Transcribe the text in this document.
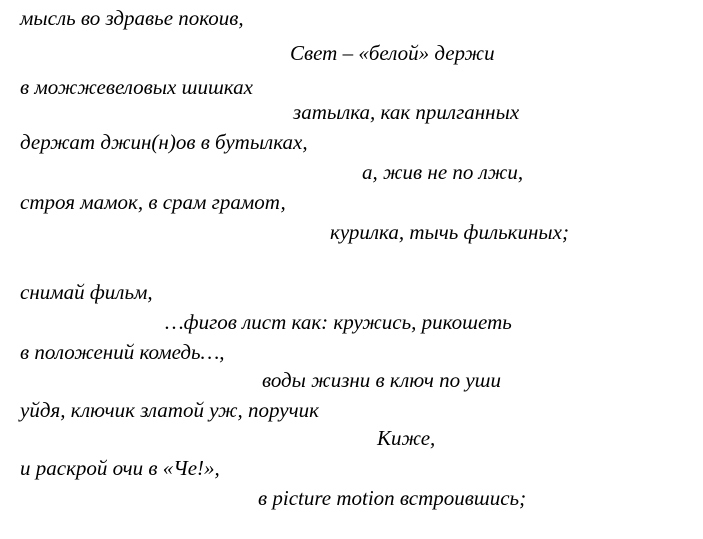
мысль во здравье покоив,
Свет – «белой» держи
в можжевеловых шишках
затылка, как прилганных
держат джин(н)ов в бутылках,
а, жив не по лжи,
строя мамок, в срам грамот,
курилка, тычь филькиных;
снимай фильм,
…фигов лист как: кружись, рикошеть
в положений комедь…,
воды жизни в ключ по уши
уйдя, ключик златой уж, поручик
Киже,
и раскрой очи в «Че!»,
в picture motion встроившись;
